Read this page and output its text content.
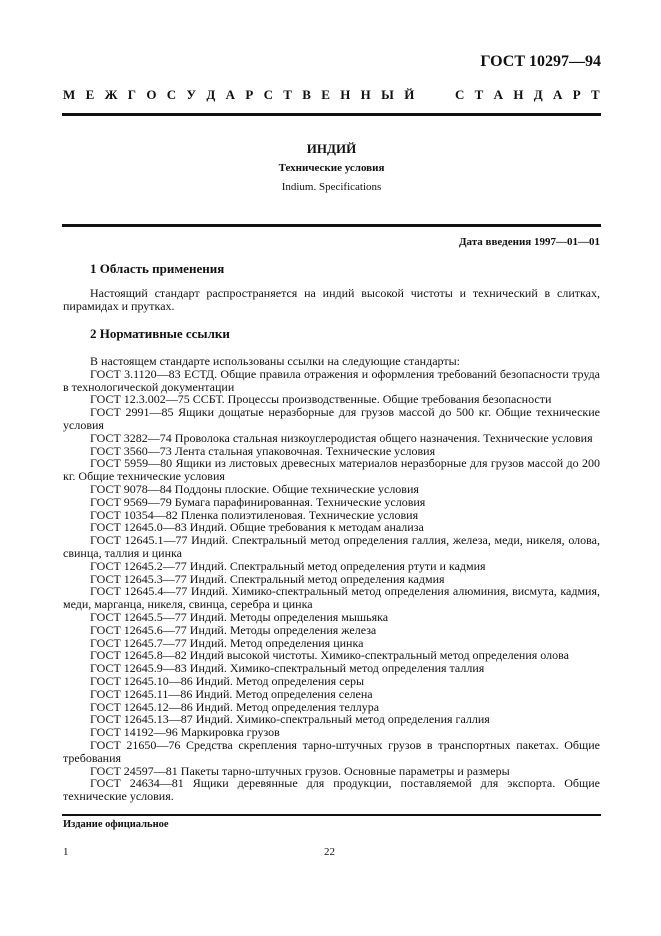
ГОСТ 10297—94
М Е Ж Г О С У Д А Р С Т В Е Н Н Ы Й	С Т А Н Д А Р Т
ИНДИЙ
Технические условия
Indium. Specifications
Дата введения 1997—01—01
1 Область применения

Настоящий стандарт распространяется на индий высокой чистоты и технический в слитках, пирамидах и прутках.

2 Нормативные ссылки

В настоящем стандарте использованы ссылки на следующие стандарты:

ГОСТ 3.1120—83 ЕСТД. Общие правила отражения и оформления требований безопасности труда в технологической документации

ГОСТ 12.3.002—75 ССБТ. Процессы производственные. Общие требования безопасности

ГОСТ 2991—85 Ящики дощатые неразборные для грузов массой до 500 кг. Общие технические условия

ГОСТ 3282—74 Проволока стальная низкоуглеродистая общего назначения. Технические условия

ГОСТ 3560—73 Лента стальная упаковочная. Технические условия

ГОСТ 5959—80 Ящики из листовых древесных материалов неразборные для грузов массой до 200 кг. Общие технические условия

ГОСТ 9078—84 Поддоны плоские. Общие технические условия

ГОСТ 9569—79 Бумага парафинированная. Технические условия

ГОСТ 10354—82 Пленка полиэтиленовая. Технические условия

ГОСТ 12645.0—83 Индий. Общие требования к методам анализа

ГОСТ 12645.1—77 Индий. Спектральный метод определения галлия, железа, меди, никеля, олова, свинца, таллия и цинка

ГОСТ 12645.2—77 Индий. Спектральный метод определения ртути и кадмия

ГОСТ 12645.3—77 Индий. Спектральный метод определения кадмия

ГОСТ 12645.4—77 Индий. Химико-спектральный метод определения алюминия, висмута, кадмия, меди, марганца, никеля, свинца, серебра и цинка

ГОСТ 12645.5—77 Индий. Методы определения мышьяка

ГОСТ 12645.6—77 Индий. Методы определения железа

ГОСТ 12645.7—77 Индий. Метод определения цинка

ГОСТ 12645.8—82 Индий высокой чистоты. Химико-спектральный метод определения олова

ГОСТ 12645.9—83 Индий. Химико-спектральный метод определения таллия

ГОСТ 12645.10—86 Индий. Метод определения серы

ГОСТ 12645.11—86 Индий. Метод определения селена

ГОСТ 12645.12—86 Индий. Метод определения теллура

ГОСТ 12645.13—87 Индий. Химико-спектральный метод определения галлия

ГОСТ 14192—96 Маркировка грузов

ГОСТ 21650—76 Средства скрепления тарно-штучных грузов в транспортных пакетах. Общие требования

ГОСТ 24597—81 Пакеты тарно-штучных грузов. Основные параметры и размеры

ГОСТ 24634—81 Ящики деревянные для продукции, поставляемой для экспорта. Общие технические условия.

Издание официальное
1	22
